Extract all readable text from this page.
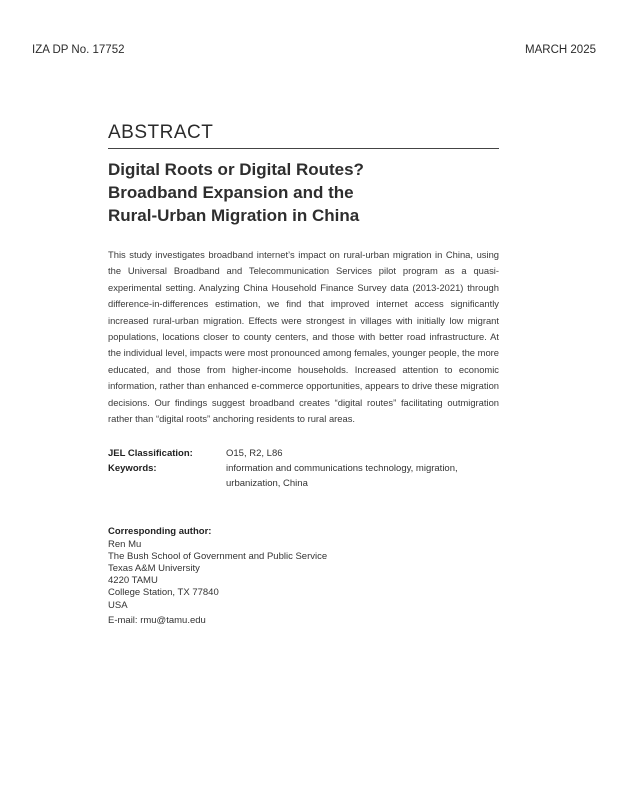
IZA DP No. 17752	MARCH 2025
ABSTRACT
Digital Roots or Digital Routes?
Broadband Expansion and the
Rural-Urban Migration in China

This study investigates broadband internet’s impact on rural-urban migration in China, using the Universal Broadband and Telecommunication Services pilot program as a quasi-experimental setting. Analyzing China Household Finance Survey data (2013-2021) through difference-in-differences estimation, we find that improved internet access significantly increased rural-urban migration. Effects were strongest in villages with initially low migrant populations, locations closer to county centers, and those with better road infrastructure. At the individual level, impacts were most pronounced among females, younger people, the more educated, and those from higher-income households. Increased attention to economic information, rather than enhanced e-commerce opportunities, appears to drive these migration decisions. Our findings suggest broadband creates “digital routes” facilitating outmigration rather than “digital roots” anchoring residents to rural areas.

JEL Classification:	O15, R2, L86
Keywords:	information and communications technology, migration, urbanization, China
Corresponding author:
Ren Mu
The Bush School of Government and Public Service
Texas A&M University
4220 TAMU
College Station, TX 77840
USA
E-mail: rmu@tamu.edu
